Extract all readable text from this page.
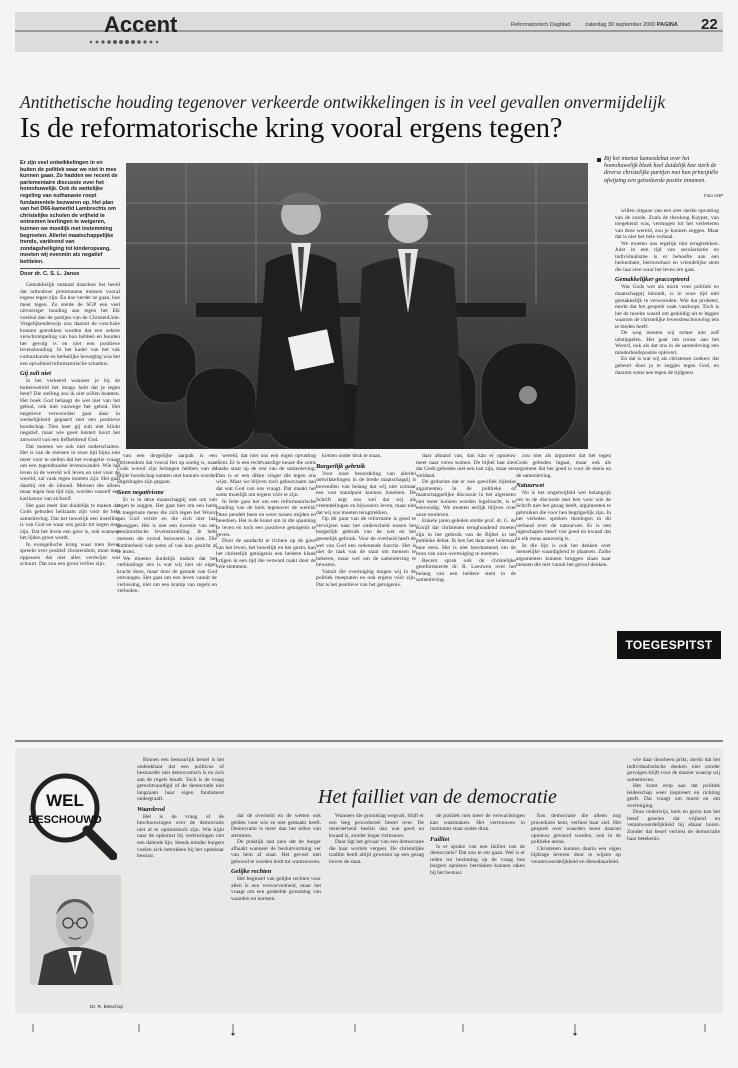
Accent	Reformatorisch Dagblad	zaterdag 30 september 2000 PAGINA 22
Antithetische houding tegenover verkeerde ontwikkelingen is in veel gevallen onvermijdelijk
Is de reformatorische kring vooral ergens tegen?
Er zijn veel ontwikkelingen in en buiten de politiek waar we niet in mee kunnen gaan. Zo hadden we recent de parlementaire discussie over het homohuwelijk. Ook de wettelijke regeling van euthanasie roept fundamentele bezwaren op. Het plan van het D66-kamerlid Lambrechts om christelijke scholen de vrijheid te ontnemen leerlingen te weigeren, kunnen we moeilijk met instemming begroeten. Allerlei maatschappelijke trends, variërend van zondagsheiliging tot kinderopvang, moeten wij evenmin als negatief betitelen.
Door dr. C. S. L. Janse
Bij het intense kameedebat over het homohuwelijk bleek heel duidelijk hoe sterk de diverse christelijke partijen met hun principiële afwijzing een geïsoleerde positie innamen.
Foto ANP

Gemakkelijk ontstaat daardoor het beeld dat orthodoxe protestantse mensen vooral ergens tegen zijn. En hoe verder ze gaan, hoe meer tegen. Zo stelde de SGP een veel uitvoeriger houding aan tegen het EK voetbal dan de partijen van de ChristenUnie. Vergelijkenderwijs zou daaruit de conclusie kunnen getrokken worden dat een zekere verschrompeling van hun hebben en houden het gevolg is en niet een positieve levenshouding. In het kader van het vak cultuurkunde en kerkelijke beweging was het een opvallend reformatorische schaduw.

Gij zult niet

Is het verkeerd wanneer je bij de buitenwereld het imago hebt dat je tegen bent? Die stelling zou ik niet willen beamen. Het boek God behaagt de wet niet van het gebod, ook niet vanwege het gebod. Het negatieve verwoorden gaat daar in werkelijkheid gepaard met een positieve boodschap. Tien keer gij zult niet klinkt negatief, maar wie goed luistert hoort het antwoord van een liefhebbend God.

Dat moeten we ook niet onderschatten. Het is van de mensen in onze tijd bijna niet meer voor te stellen dat het evangelie vraagt om een tegendraadse levenswandel. Wie het leven in de wereld wil leven en niet voor de wereld, zal vaak tegen moeten zijn. Het gaat daarbij om de inhoud. Mensen die alleen maar tegen hun tijd zijn, worden vanzelf een karikatuur van zichzelf.

Het gaat meer dan duidelijk te maken dat Gods geboden heilzaam zijn voor de hele samenleving. Dat het huwelijk een instelling is van God en waar ons gezin tot zegen mag zijn. Dat het leven een gave is, ook wanneer het lijden groot wordt.

In evangelische kring waar men liever spreekt over positief christendom, moet men oppassen dat niet alles verdwijnt wat schuurt. Dat zou een groot verlies zijn.

van een dergelijke aanpak is een christendom dat vooral fiet op zoetig is, naar Gods woord zijn belangen hebben van de blijde boodschap nalaten niet kunnen worden uitgedragen zijn gegaan.

Geen negativisme

Er is in deze maatschappij niet om van tegen te zeggen. Het gaat hier om een harte is toegeruste mens die zich tegen het Woord van God verzet en die zich niet laat gezeggen. Het is niet een kwestie van een pessimistische levensinstelling. Je hebt mensen die overal bezwaren in zien. Die somberheid valt soms af van hun gezicht af te lezen.

We moeten duidelijk maken dat het verbindinge iets is wat wij niet uit eigen kracht doen, maar door de genade van God ontvangen. Het gaat om een leven vanuit de verlossing, niet om een kramp van regels en verboden.

wereld, dat niet ons een eigen opvatting dient. Er is een rechtvaardige keuze die soms haaks staat op de rest van de samenleving. Dan is er een dikke vinger die tegen ons wijst. Maar we blijven toch gehoorzaam aan dat wat God van ons vraagt. Dat maakt het soms moeilijk om ergens vóór te zijn.

In feite gaat het om een reformatorische houding van de kerk tegenover de wereld. Deze pendelt heen en weer tussen mijden en meedoen. Het is de kunst om in die spanning te leven en toch een positieve getuigenis te geven.

Door de aandacht te richten op de gave van het leven, het huwelijk en het gezin, kan het christelijk getuigenis een heldere klank krijgen in een tijd die verward raakt door de vele stemmen.

komen onder druk te staan.

Burgerlijk gebruik

Voor onze beoordeling van allerlei ontwikkelingen in de brede maatschappij is bovendien van belang dat wij niet zomaar een vast standpunt kunnen innemen. De Schrift zegt ons wel dat wij als vreemdelingen en bijwoners leven, maar niet dat wij ons moeten terugtrekken.

Op dit punt van de reformatie is goed te verwijzen naar het onderscheid tussen het burgerlijk gebruik van de wet en het geestelijk gebruik. Voor de overheid heeft de wet van God een ordenende functie. Het is niet de taak van de staat om mensen te bekeren, maar wel om de samenleving te bewaren.

Vanuit die overtuiging mogen wij in de politiek meepraten en ook ergens vóór zijn. Dat is het positieve van het getuigenis.

daar afstand van, dan kan er opnieuw meer naar voren komen. De bijbel laat zien dat Gods geboden niet een last zijn, maar een weldaad.

De gedachte dat er ook specifiek bijbelse argumenten in de politieke of maatschappelijke discussie in het algemeen niet meer kunnen worden ingebracht, is te eenvoudig. We moeten eerlijk blijven over onze motieven.

Enkele jaren geleden stelde prof. dr. G. de Kruijf dat christenen terughoudend moeten zijn in het gebruik van de Bijbel in het publieke debat. Ik ben het daar niet helemaal mee eens. Het is niet beschamend om de bron van onze overtuiging te noemen.

Recent sprak ook de christelijke gereformeerde dr. R. Leeuwen over het belang van een heldere stem in de samenleving.

zou niet als argument dat het tegen Gods geboden ingaat, maar ook als argument dat het goed is voor de mens en de samenleving.

Natuurwet

Nu is het ongetwijfeld wel belangrijk om in de discussie met hen voor wie de Schrift niet het gezag heeft, argumenten te gebruiken die voor hen begrijpelijk zijn. In het verleden spreken theologen in dit verband over de natuurwet. Er is een ingeschapen besef van goed en kwaad dat in elk mens aanwezig is.

In die lijn is ook het denken over menselijke waardigheid te plaatsen. Zulke argumenten kunnen bruggen slaan naar mensen die niet vanuit het geloof denken.

willen uitgaan van een zeer sterke opvatting van de zonde. Zoals de theoloog Kuyper, van toegekend was, vermogen tot het verbeteren van deze wereld, zou je kunnen zeggen. Maar dat is niet het hele verhaal.

We moeten ons tegelijk niet terugtrekken. Juist in een tijd van secularisatie en individualisme is er behoefte aan een herkenbare, betrouwbare en vriendelijke stem die laat zien waar het leven om gaat.

Gemakkelijker geaccepteerd

Wat Gods wet als norm voor politiek en maatschappij inhoudt, is in onze tijd niet gemakkelijk te verwoorden. Wie dat probeert, merkt dat het gesprek vaak vastloopt. Toch is het de moeite waard om geduldig uit te leggen waarom de christelijke levensbeschouwing iets te bieden heeft.

De weg moeten wij echter niet zelf uitstippelen. Het gaat om trouw aan het Woord, ook als dat ons in de samenleving een minderheidspositie oplevert.

En dat is wat wij als christenen zoeken: dat gebeurt door ja te zeggen tegen God, en daarom soms nee tegen de tijdgeest.

TOEGESPITST
WEL
BESCHOUWD
Het failliet van de democratie
Dr. R. Bisschop

Binnen een bestuurlijk bestel is het ondenkbaar dat een politicus of bestuurder niet democratisch is en zich aan de regels houdt. Toch is de vraag gerechtvaardigd of de democratie niet langzaam haar eigen fundament ondergraaft.

Waardevol

Het is de vraag of de beschouwingen over de democratie niet al te optimistisch zijn. Wie kijkt naar de opkomst bij verkiezingen ziet een dalende lijn. Steeds minder burgers voelen zich betrokken bij het openbaar bestuur.

dat de overheid en de wetten ook gelden voor wie ze niet gemaakt heeft. Democratie is meer dan het tellen van stemmen.

De praktijk laat zien dat de burger afhaakt wanneer de besluitvorming ver van hem af staat. Het gevoel niet gehoord te worden leidt tot wantrouwen.

Gelijke rechten

Het beginsel van gelijke rechten voor allen is een verworvenheid, maar het vraagt om een gedeelde grondslag van waarden en normen.

Wanneer die grondslag wegvalt, blijft er een leeg procedureel bestel over. De meerderheid beslist dan wat goed en kwaad is, zonder hoger richtsnoer.

Daar ligt het gevaar van een democratie die haar wortels vergeet. De christelijke traditie heeft altijd gewezen op een gezag boven de staat.

de politiek niet meer de verwachtingen kan waarmaken. Het vertrouwen in instituties staat onder druk.

Failliet

Is er sprake van een failliet van de democratie? Dat zou te ver gaan. Wel is er reden tot bezinning op de vraag hoe burgers opnieuw betrokken kunnen raken bij het bestuur.

Een democratie die alleen nog procedures kent, verliest haar ziel. Het gesprek over waarden moet daarom opnieuw gevoerd worden, ook in de politieke arena.

Christenen kunnen daarin een eigen bijdrage leveren door te wijzen op verantwoordelijkheid en dienstbaarheid.

wie daar doorheen prikt, merkt dat het individualistische denken niet zonder gevolgen blijft voor de manier waarop wij samenleven.

Het komt erop aan dat politiek leiderschap weer inspireert en richting geeft. Dat vraagt om moed en om overtuiging.

Door onderwijs, kerk en gezin kan het besef groeien dat vrijheid en verantwoordelijkheid bij elkaar horen. Zonder dat besef verliest de democratie haar betekenis.
